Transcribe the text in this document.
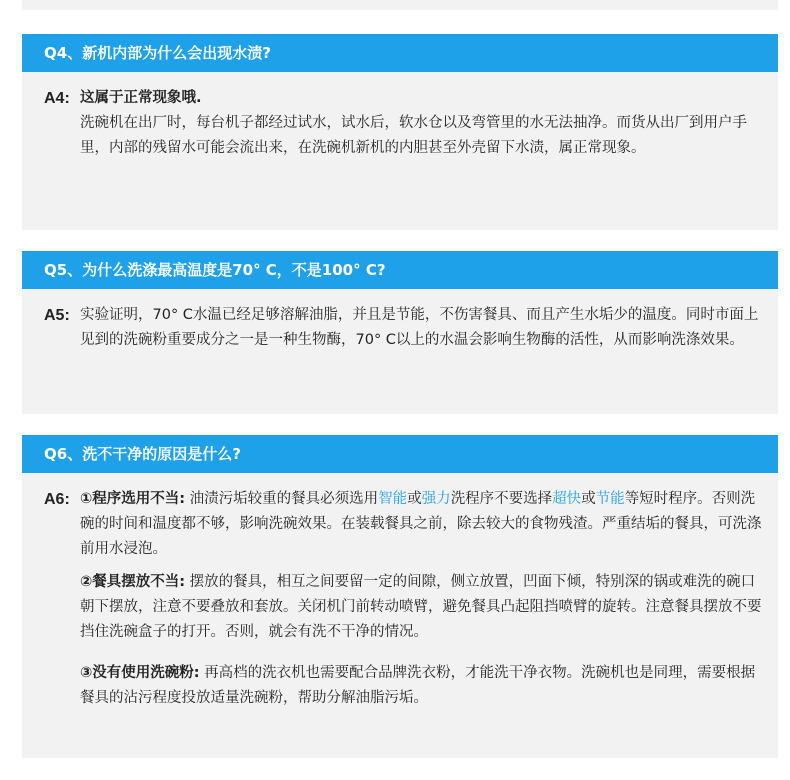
Q4、新机内部为什么会出现水渍?
A4: 这属于正常现象哦.

洗碗机在出厂时，每台机子都经过试水，试水后，软水仓以及弯管里的水无法抽净。而货从出厂到用户手里，内部的残留水可能会流出来，在洗碗机新机的内胆甚至外壳留下水渍，属正常现象。

Q5、为什么洗涤最高温度是70° C，不是100° C?
A5: 实验证明，70° C水温已经足够溶解油脂，并且是节能，不伤害餐具、而且产生水垢少的温度。同时市面上见到的洗碗粉重要成分之一是一种生物酶，70° C以上的水温会影响生物酶的活性，从而影响洗涤效果。

Q6、洗不干净的原因是什么?
A6: ①程序选用不当: 油渍污垢较重的餐具必须选用智能或强力洗程序不要选择超快或节能等短时程序。否则洗碗的时间和温度都不够，影响洗碗效果。在装载餐具之前，除去较大的食物残渣。严重结垢的餐具，可洗涤前用水浸泡。

②餐具摆放不当: 摆放的餐具，相互之间要留一定的间隙，侧立放置，凹面下倾，特别深的锅或难洗的碗口朝下摆放，注意不要叠放和套放。关闭机门前转动喷臂，避免餐具凸起阻挡喷臂的旋转。注意餐具摆放不要挡住洗碗盒子的打开。否则，就会有洗不干净的情况。

③没有使用洗碗粉: 再高档的洗衣机也需要配合品牌洗衣粉，才能洗干净衣物。洗碗机也是同理，需要根据餐具的沾污程度投放适量洗碗粉，帮助分解油脂污垢。
